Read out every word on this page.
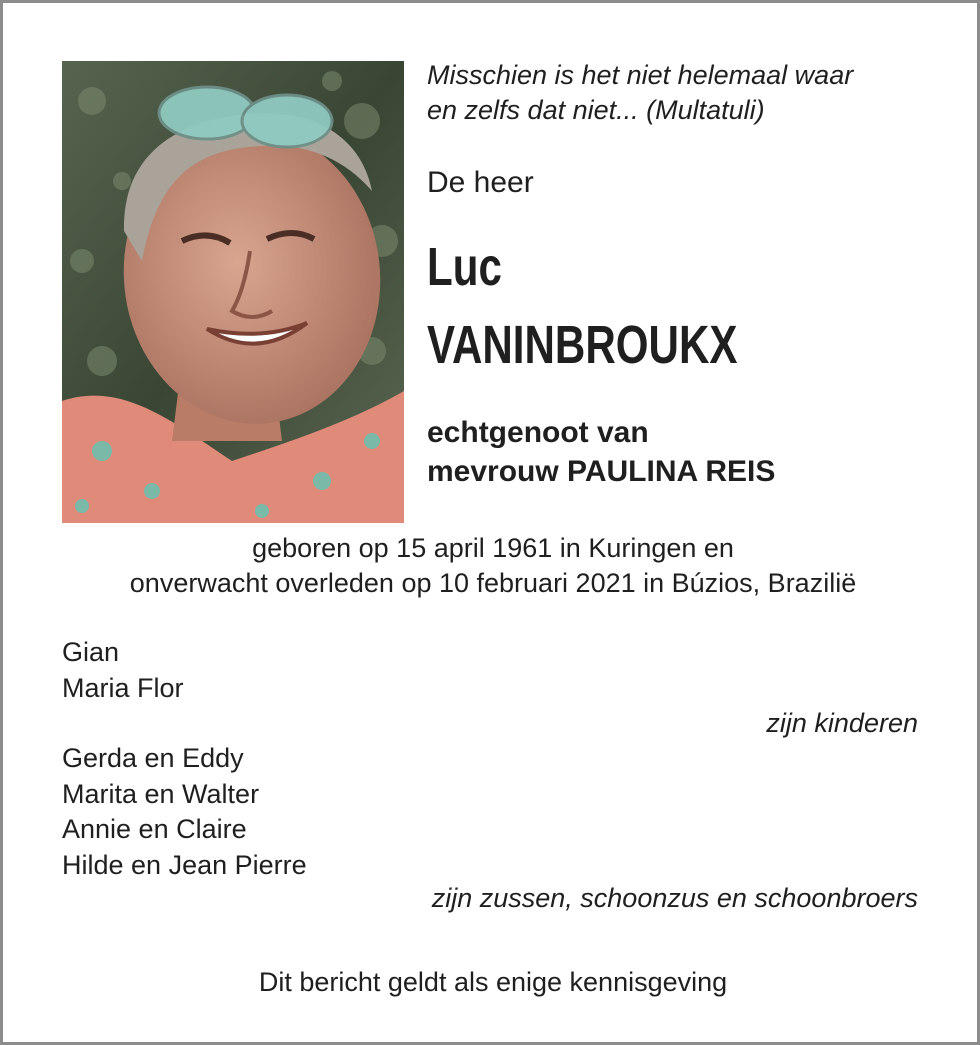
Misschien is het niet helemaal waar
en zelfs dat niet... (Multatuli)

De heer

Luc

VANINBROUKX

echtgenoot van
mevrouw PAULINA REIS

geboren op 15 april 1961 in Kuringen en
onverwacht overleden op 10 februari 2021 in Búzios, Brazilië

Gian
Maria Flor

zijn kinderen

Gerda en Eddy
Marita en Walter
Annie en Claire
Hilde en Jean Pierre

zijn zussen, schoonzus en schoonbroers

Dit bericht geldt als enige kennisgeving
